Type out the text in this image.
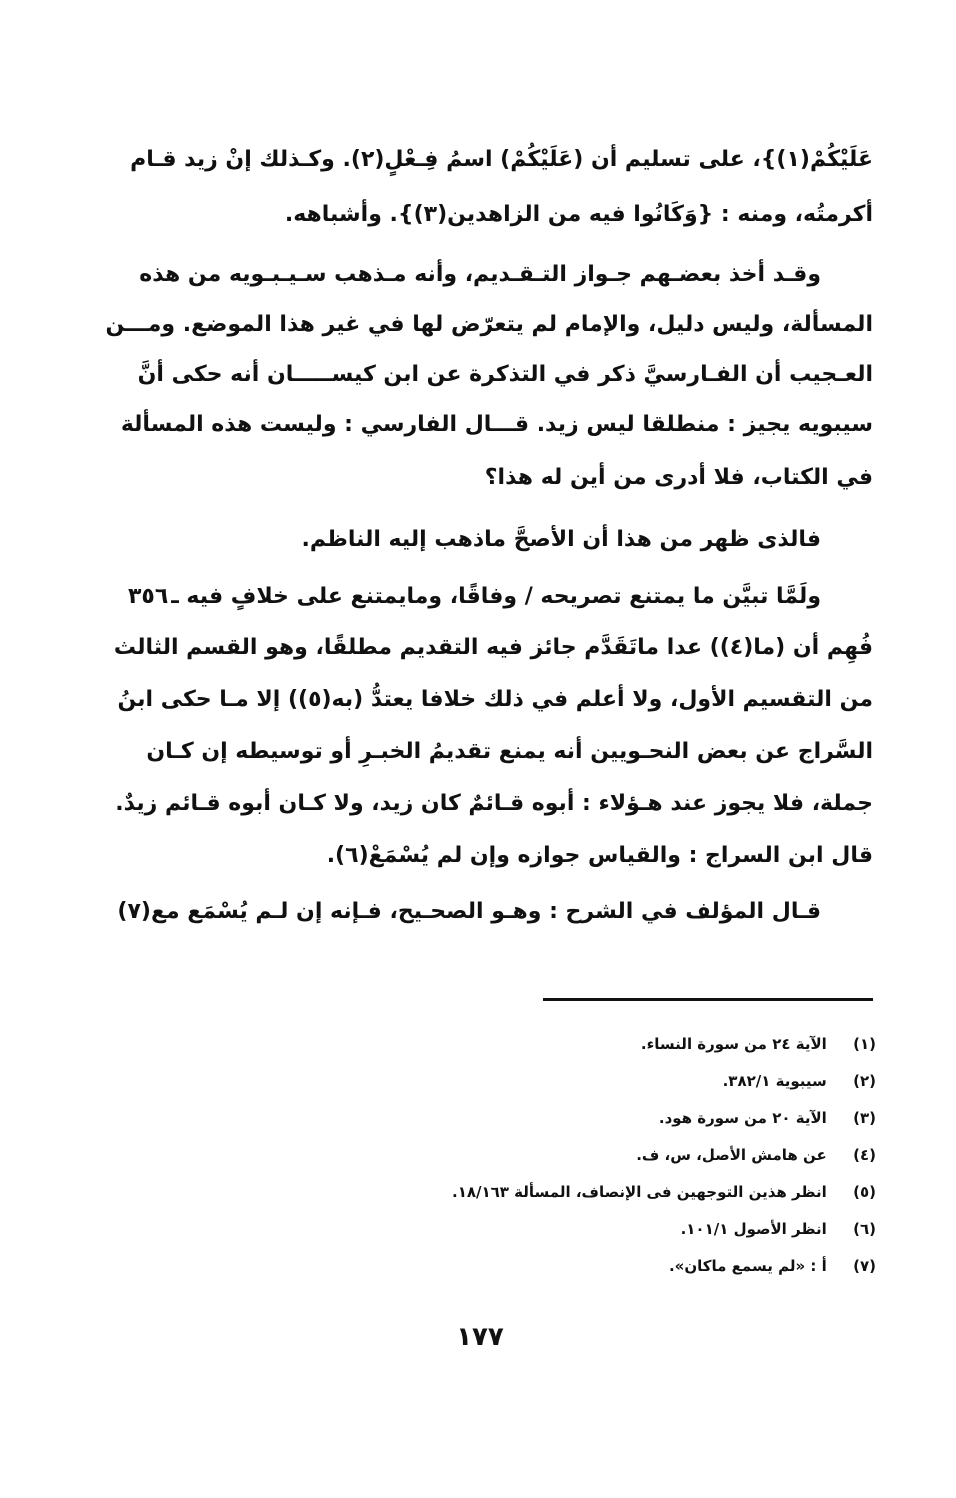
عَلَيْكُمْ(١)}، على تسليم أن (عَلَيْكُمْ) اسمُ فِـعْلٍ(٢). وكـذلك إنْ زيد قـام
أكرمتُه، ومنه : {وَكَانُوا فيه من الزاهدين(٣)}. وأشباهه.
وقـد أخذ بعضـهم جـواز التـقـديم، وأنه مـذهب سـيـبـويه من هذه
المسألة، وليس دليل، والإمام لم يتعرّض لها في غير هذا الموضع. ومـــن
العـجيب أن الفـارسيَّ ذكر في التذكرة عن ابن كيســـــان أنه حكى أنَّ
سيبويه يجيز : منطلقا ليس زيد. قـــال الفارسي : وليست هذه المسألة
في الكتاب، فلا أدرى من أين له هذا؟
فالذى ظهر من هذا أن الأصحَّ ماذهب إليه الناظم.
ولَمَّا تبيَّن ما يمتنع تصريحه / وفاقًا، ومايمتنع على خلافٍ فيه ـ
فُهِم أن (ما(٤)) عدا ماتَقَدَّم جائز فيه التقديم مطلقًا، وهو القسم الثالث
من التقسيم الأول، ولا أعلم في ذلك خلافا يعتدُّ (به(٥)) إلا مـا حكى ابنُ
السَّراج عن بعض النحـويين أنه يمنع تقديمُ الخبـرِ أو توسيطه إن كـان
جملة، فلا يجوز عند هـؤلاء : أبوه قـائمٌ كان زيد، ولا كـان أبوه قـائم زيدٌ.
قال ابن السراج : والقياس جوازه وإن لم يُسْمَعْ(٦).
قـال المؤلف في الشرح : وهـو الصحـيح، فـإنه إن لـم يُسْمَع مع(٧)
٣٥٦
(١) الآية ٢٤ من سورة النساء.
(٢) سيبوية ٣٨٢/١.
(٣) الآية ٢٠ من سورة هود.
(٤) عن هامش الأصل، س، ف.
(٥) انظر هذين التوجهين فى الإنصاف، المسألة ١٨/١٦٣.
(٦) انظر الأصول ١٠١/١.
(٧) أ : «لم يسمع ماكان».
١٧٧
